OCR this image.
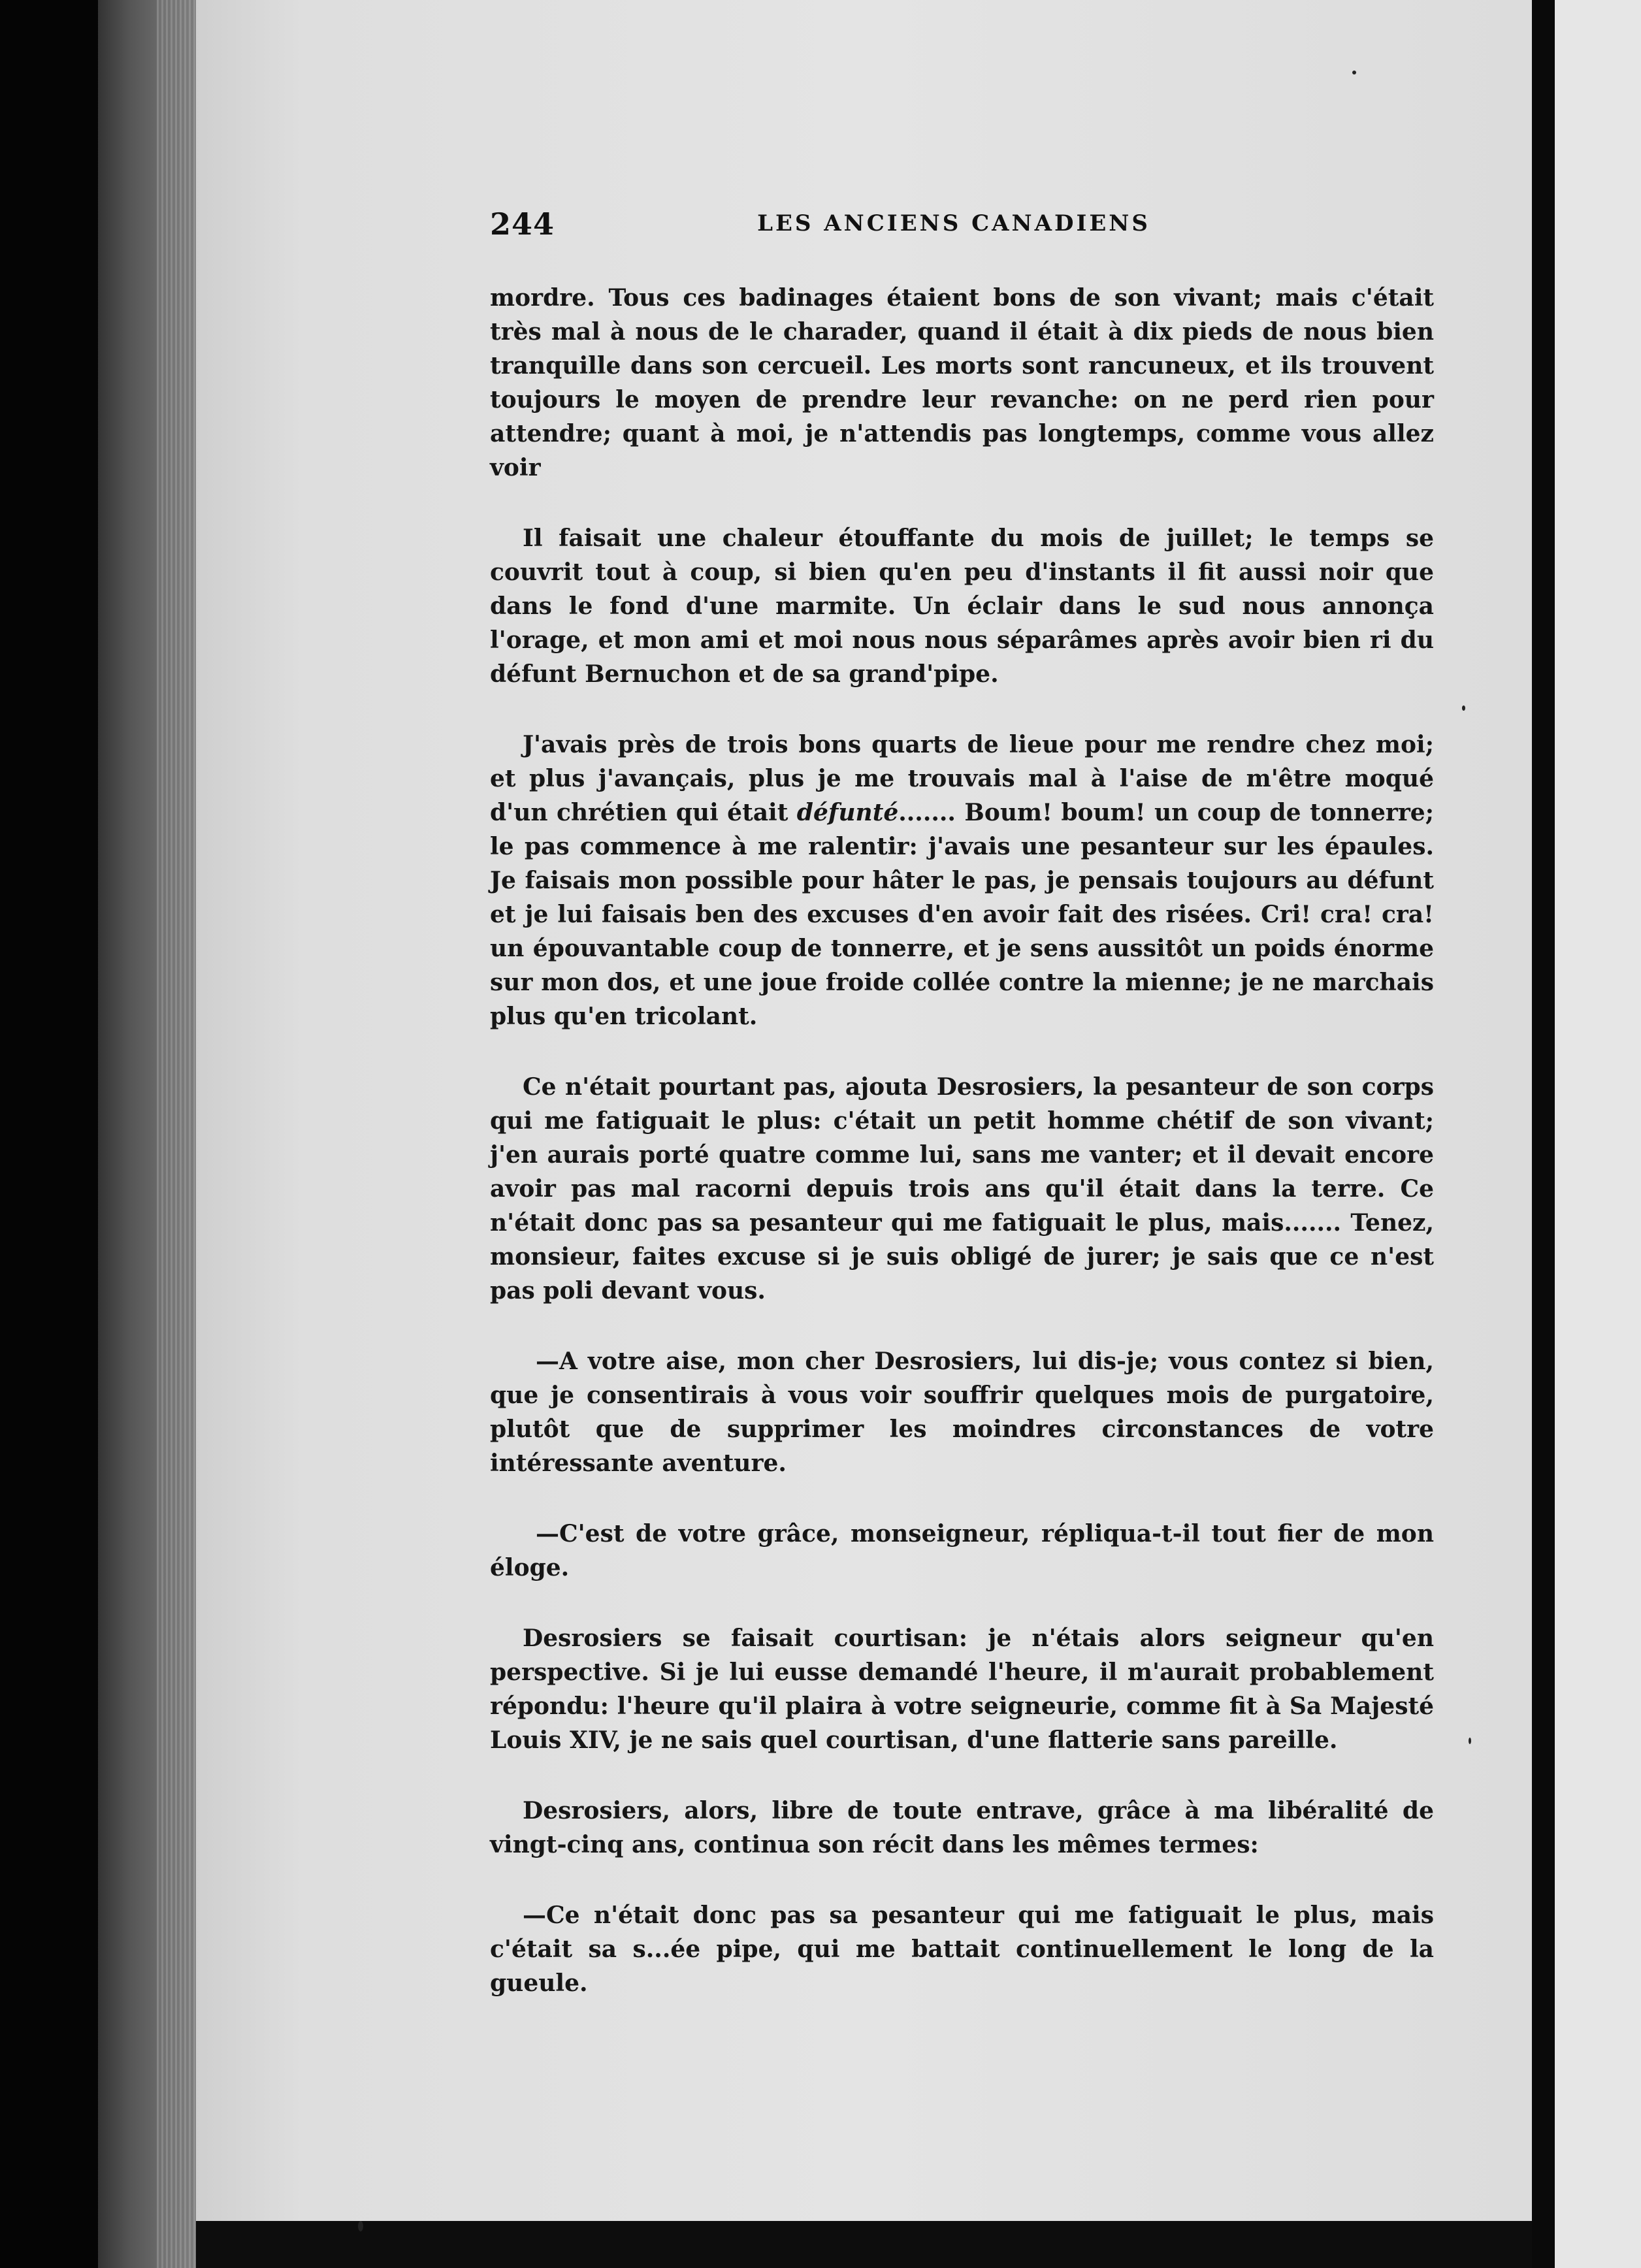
244	LES ANCIENS CANADIENS

mordre. Tous ces badinages étaient bons de son vivant; mais c'était très mal à nous de le charader, quand il était à dix pieds de nous bien tranquille dans son cercueil. Les morts sont rancuneux, et ils trouvent toujours le moyen de prendre leur revanche: on ne perd rien pour attendre; quant à moi, je n'attendis pas longtemps, comme vous allez voir

Il faisait une chaleur étouffante du mois de juillet; le temps se couvrit tout à coup, si bien qu'en peu d'instants il fit aussi noir que dans le fond d'une marmite. Un éclair dans le sud nous annonça l'orage, et mon ami et moi nous nous séparâmes après avoir bien ri du défunt Bernuchon et de sa grand'pipe.

J'avais près de trois bons quarts de lieue pour me rendre chez moi; et plus j'avançais, plus je me trouvais mal à l'aise de m'être moqué d'un chrétien qui était défunté....... Boum! boum! un coup de tonnerre; le pas commence à me ralentir: j'avais une pesanteur sur les épaules. Je faisais mon possible pour hâter le pas, je pensais toujours au défunt et je lui faisais ben des excuses d'en avoir fait des risées. Cri! cra! cra! un épouvantable coup de tonnerre, et je sens aussitôt un poids énorme sur mon dos, et une joue froide collée contre la mienne; je ne marchais plus qu'en tricolant.

Ce n'était pourtant pas, ajouta Desrosiers, la pesanteur de son corps qui me fatiguait le plus: c'était un petit homme chétif de son vivant; j'en aurais porté quatre comme lui, sans me vanter; et il devait encore avoir pas mal racorni depuis trois ans qu'il était dans la terre. Ce n'était donc pas sa pesanteur qui me fatiguait le plus, mais....... Tenez, monsieur, faites excuse si je suis obligé de jurer; je sais que ce n'est pas poli devant vous.

—A votre aise, mon cher Desrosiers, lui dis-je; vous contez si bien, que je consentirais à vous voir souffrir quelques mois de purgatoire, plutôt que de supprimer les moindres circonstances de votre intéressante aventure.

—C'est de votre grâce, monseigneur, répliqua-t-il tout fier de mon éloge.

Desrosiers se faisait courtisan: je n'étais alors seigneur qu'en perspective. Si je lui eusse demandé l'heure, il m'aurait probablement répondu: l'heure qu'il plaira à votre seigneurie, comme fit à Sa Majesté Louis XIV, je ne sais quel courtisan, d'une flatterie sans pareille.

Desrosiers, alors, libre de toute entrave, grâce à ma libéralité de vingt-cinq ans, continua son récit dans les mêmes termes:

—Ce n'était donc pas sa pesanteur qui me fatiguait le plus, mais c'était sa s...ée pipe, qui me battait continuellement le long de la gueule.
